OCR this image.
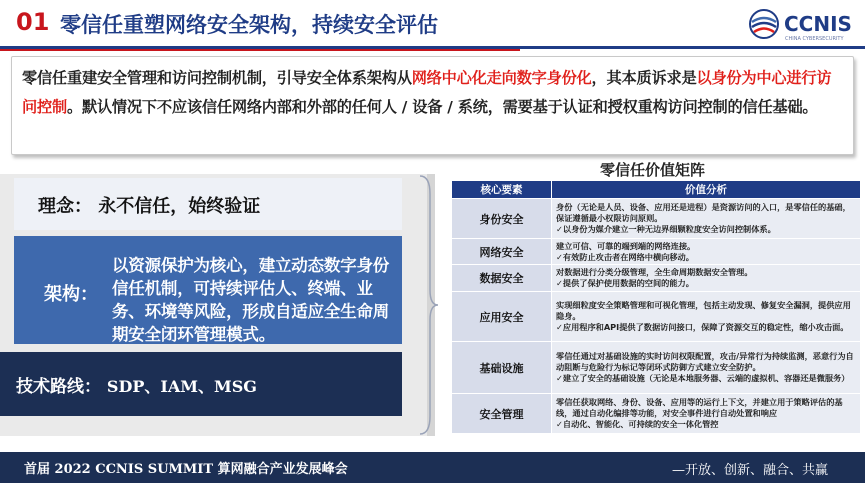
01 零信任重塑网络安全架构，持续安全评估	CCNIS
CHINA CYBERSECURITY

零信任重建安全管理和访问控制机制，引导安全体系架构从网络中心化走向数字身份化，其本质诉求是以身份为中心进行访问控制。默认情况下不应该信任网络内部和外部的任何人 / 设备 / 系统，需要基于认证和授权重构访问控制的信任基础。

理念： 永不信任，始终验证
架构：
以资源保护为核心，建立动态数字身份信任机制，可持续评估人、终端、业务、环境等风险，形成自适应全生命周期安全闭环管理模式。
技术路线： SDP、IAM、MSG
零信任价值矩阵
核心要素	价值分析
身份安全	身份（无论是人员、设备、应用还是进程）是资源访问的入口，是零信任的基础，保证遵循最小权限访问原则。
✓ 以身份为媒介建立一种无边界细颗粒度安全访问控制体系。

网络安全	建立可信、可靠的端到端的网络连接。
✓ 有效防止攻击者在网络中横向移动。

数据安全	对数据进行分类分级管理，全生命周期数据安全管理。
✓ 提供了保护使用数据的空间的能力。

应用安全	实现细粒度安全策略管理和可视化管理，包括主动发现、修复安全漏洞，提供应用隐身。
✓ 应用程序和API提供了数据访问接口，保障了资源交互的稳定性，缩小攻击面。

基础设施	零信任通过对基础设施的实时访问权限配置，攻击/异常行为持续监测，恶意行为自动阻断与危险行为标记等闭环式防御方式建立安全防护。
✓ 建立了安全的基础设施（无论是本地服务器、云端的虚拟机、容器还是微服务）

安全管理	零信任获取网络、身份、设备、应用等的运行上下文，并建立用于策略评估的基线，通过自动化编排等功能，对安全事件进行自动处置和响应
✓ 自动化、智能化、可持续的安全一体化管控
首届 2022 CCNIS SUMMIT 算网融合产业发展峰会	—开放、创新、融合、共赢
